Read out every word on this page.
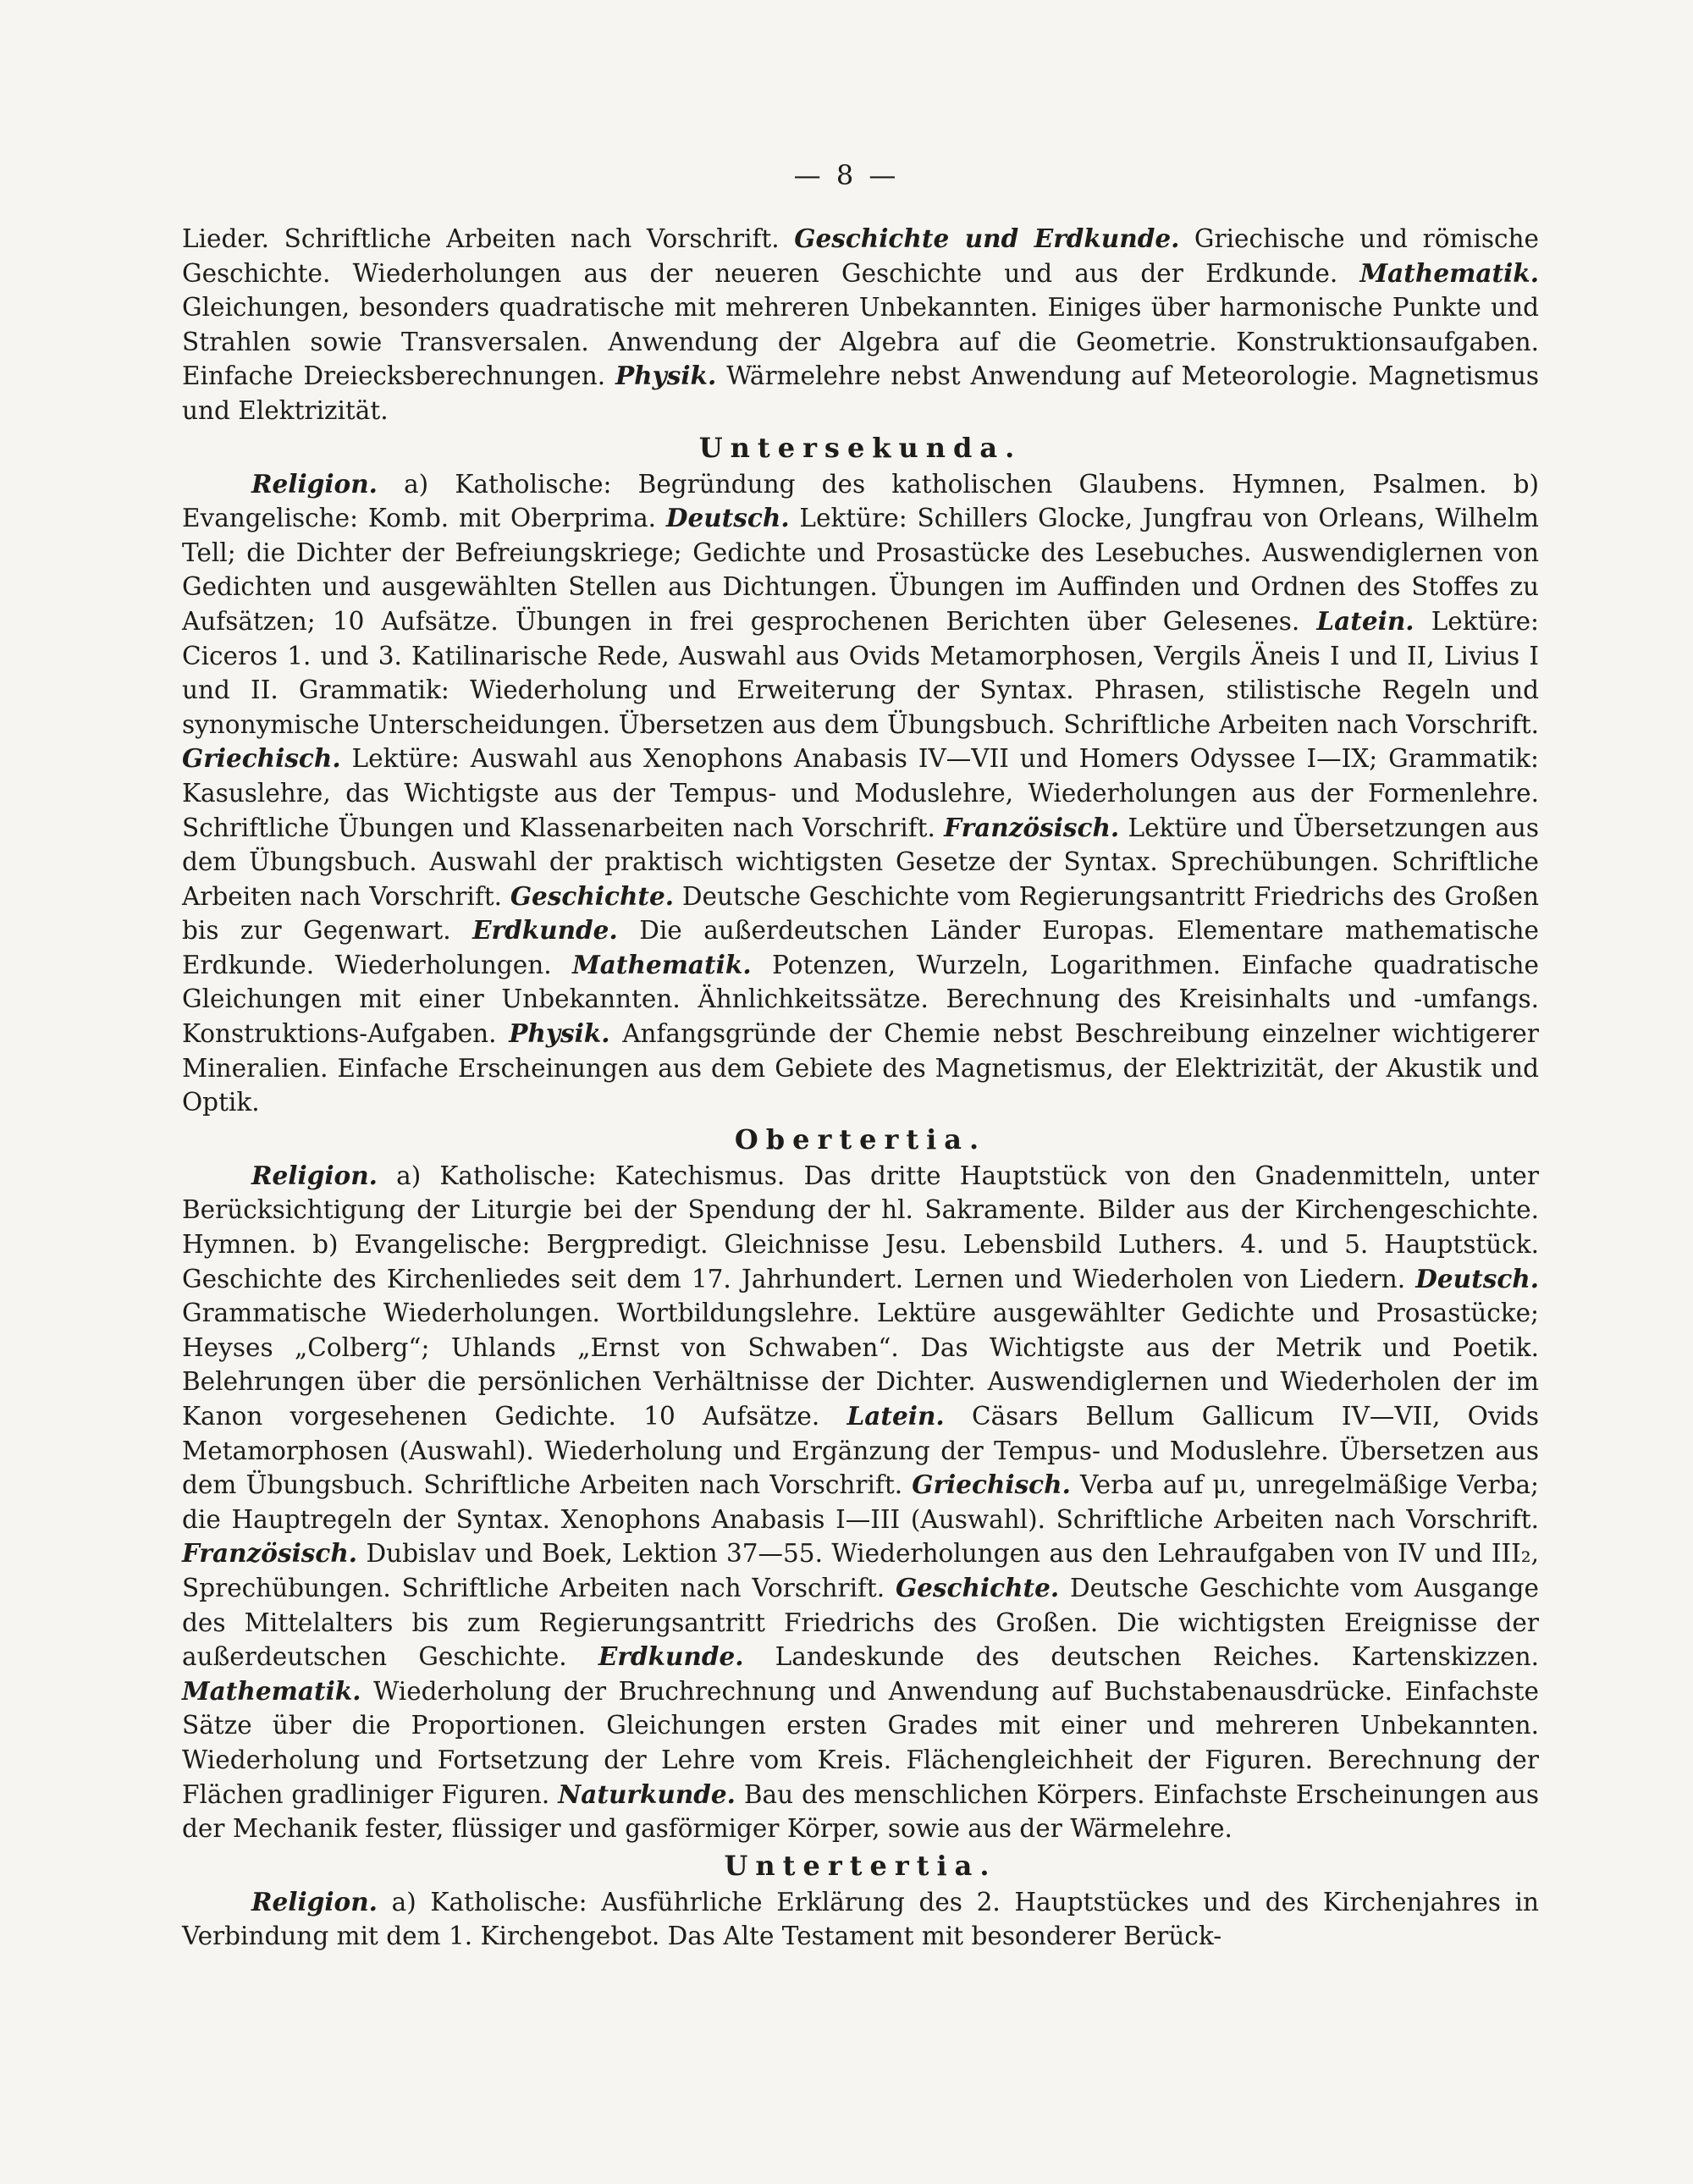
— 8 —

Lieder. Schriftliche Arbeiten nach Vorschrift. Geschichte und Erdkunde. Griechische und römische Geschichte. Wiederholungen aus der neueren Geschichte und aus der Erdkunde. Mathematik. Gleichungen, besonders quadratische mit mehreren Unbekannten. Einiges über harmonische Punkte und Strahlen sowie Transversalen. Anwendung der Algebra auf die Geometrie. Konstruktionsaufgaben. Einfache Dreiecksberechnungen. Physik. Wärmelehre nebst Anwendung auf Meteorologie. Magnetismus und Elektrizität.

Untersekunda.

Religion. a) Katholische: Begründung des katholischen Glaubens. Hymnen, Psalmen. b) Evangelische: Komb. mit Oberprima. Deutsch. Lektüre: Schillers Glocke, Jungfrau von Orleans, Wilhelm Tell; die Dichter der Befreiungskriege; Gedichte und Prosastücke des Lesebuches. Auswendiglernen von Gedichten und ausgewählten Stellen aus Dichtungen. Übungen im Auffinden und Ordnen des Stoffes zu Aufsätzen; 10 Aufsätze. Übungen in frei gesprochenen Berichten über Gelesenes. Latein. Lektüre: Ciceros 1. und 3. Katilinarische Rede, Auswahl aus Ovids Metamorphosen, Vergils Äneis I und II, Livius I und II. Grammatik: Wiederholung und Erweiterung der Syntax. Phrasen, stilistische Regeln und synonymische Unterscheidungen. Übersetzen aus dem Übungsbuch. Schriftliche Arbeiten nach Vorschrift. Griechisch. Lektüre: Auswahl aus Xenophons Anabasis IV—VII und Homers Odyssee I—IX; Grammatik: Kasuslehre, das Wichtigste aus der Tempus- und Moduslehre, Wiederholungen aus der Formenlehre. Schriftliche Übungen und Klassenarbeiten nach Vorschrift. Französisch. Lektüre und Übersetzungen aus dem Übungsbuch. Auswahl der praktisch wichtigsten Gesetze der Syntax. Sprechübungen. Schriftliche Arbeiten nach Vorschrift. Geschichte. Deutsche Geschichte vom Regierungsantritt Friedrichs des Großen bis zur Gegenwart. Erdkunde. Die außerdeutschen Länder Europas. Elementare mathematische Erdkunde. Wiederholungen. Mathematik. Potenzen, Wurzeln, Logarithmen. Einfache quadratische Gleichungen mit einer Unbekannten. Ähnlichkeitssätze. Berechnung des Kreisinhalts und -umfangs. Konstruktions-Aufgaben. Physik. Anfangsgründe der Chemie nebst Beschreibung einzelner wichtigerer Mineralien. Einfache Erscheinungen aus dem Gebiete des Magnetismus, der Elektrizität, der Akustik und Optik.

Obertertia.

Religion. a) Katholische: Katechismus. Das dritte Hauptstück von den Gnadenmitteln, unter Berücksichtigung der Liturgie bei der Spendung der hl. Sakramente. Bilder aus der Kirchengeschichte. Hymnen. b) Evangelische: Bergpredigt. Gleichnisse Jesu. Lebensbild Luthers. 4. und 5. Hauptstück. Geschichte des Kirchenliedes seit dem 17. Jahrhundert. Lernen und Wiederholen von Liedern. Deutsch. Grammatische Wiederholungen. Wortbildungslehre. Lektüre ausgewählter Gedichte und Prosastücke; Heyses „Colberg“; Uhlands „Ernst von Schwaben“. Das Wichtigste aus der Metrik und Poetik. Belehrungen über die persönlichen Verhältnisse der Dichter. Auswendiglernen und Wiederholen der im Kanon vorgesehenen Gedichte. 10 Aufsätze. Latein. Cäsars Bellum Gallicum IV—VII, Ovids Metamorphosen (Auswahl). Wiederholung und Ergänzung der Tempus- und Moduslehre. Übersetzen aus dem Übungsbuch. Schriftliche Arbeiten nach Vorschrift. Griechisch. Verba auf μι, unregelmäßige Verba; die Hauptregeln der Syntax. Xenophons Anabasis I—III (Auswahl). Schriftliche Arbeiten nach Vorschrift. Französisch. Dubislav und Boek, Lektion 37—55. Wiederholungen aus den Lehraufgaben von IV und III₂, Sprechübungen. Schriftliche Arbeiten nach Vorschrift. Geschichte. Deutsche Geschichte vom Ausgange des Mittelalters bis zum Regierungsantritt Friedrichs des Großen. Die wichtigsten Ereignisse der außerdeutschen Geschichte. Erdkunde. Landeskunde des deutschen Reiches. Kartenskizzen. Mathematik. Wiederholung der Bruchrechnung und Anwendung auf Buchstabenausdrücke. Einfachste Sätze über die Proportionen. Gleichungen ersten Grades mit einer und mehreren Unbekannten. Wiederholung und Fortsetzung der Lehre vom Kreis. Flächengleichheit der Figuren. Berechnung der Flächen gradliniger Figuren. Naturkunde. Bau des menschlichen Körpers. Einfachste Erscheinungen aus der Mechanik fester, flüssiger und gasförmiger Körper, sowie aus der Wärmelehre.

Untertertia.

Religion. a) Katholische: Ausführliche Erklärung des 2. Hauptstückes und des Kirchenjahres in Verbindung mit dem 1. Kirchengebot. Das Alte Testament mit besonderer Berück-
